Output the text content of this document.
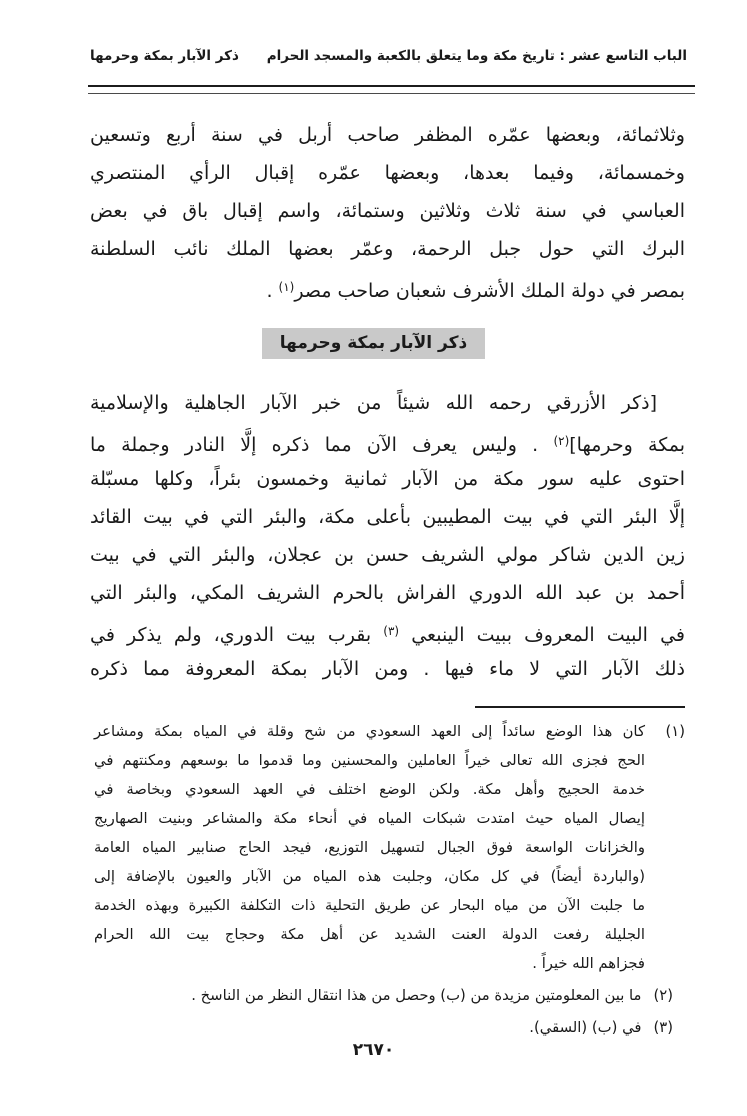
الباب التاسع عشر : تاريخ مكة وما يتعلق بالكعبة والمسجد الحرام
ذكر الآبار بمكة وحرمها
وثلاثمائة، وبعضها عمّره المظفر صاحب أربل في سنة أربع وتسعين
وخمسمائة، وفيما بعدها، وبعضها عمّره إقبال الرأي المنتصري
العباسي في سنة ثلاث وثلاثين وستمائة، واسم إقبال باق في بعض
البرك التي حول جبل الرحمة، وعمّر بعضها الملك نائب السلطنة
بمصر في دولة الملك الأشرف شعبان صاحب مصر$^{(١)}$ .
ذكر الآبار بمكة وحرمها
[ذكر الأزرقي رحمه الله شيئاً من خبر الآبار الجاهلية والإسلامية
بمكة وحرمها]$^{(٢)}$ . وليس يعرف الآن مما ذكره إلَّا النادر وجملة ما
احتوى عليه سور مكة من الآبار ثمانية وخمسون بئراً، وكلها مسبّلة
إلَّا البئر التي في بيت المطيبين بأعلى مكة، والبئر التي في بيت القائد
زين الدين شاكر مولي الشريف حسن بن عجلان، والبئر التي في بيت
أحمد بن عبد الله الدوري الفراش بالحرم الشريف المكي، والبئر التي
في البيت المعروف ببيت الينبعي $^{(٣)}$ بقرب بيت الدوري، ولم يذكر في
ذلك الآبار التي لا ماء فيها . ومن الآبار بمكة المعروفة مما ذكره
(١)
كان هذا الوضع سائداً إلى العهد السعودي من شح وقلة في المياه بمكة ومشاعر
الحج فجزى الله تعالى خيراً العاملين والمحسنين وما قدموا ما بوسعهم ومكنتهم في
خدمة الحجيج وأهل مكة. ولكن الوضع اختلف في العهد السعودي وبخاصة في
إيصال المياه حيث امتدت شبكات المياه في أنحاء مكة والمشاعر وبنيت الصهاريج
والخزانات الواسعة فوق الجبال لتسهيل التوزيع، فيجد الحاج صنابير المياه العامة
(والباردة أيضاً) في كل مكان، وجلبت هذه المياه من الآبار والعيون بالإضافة إلى
ما جلبت الآن من مياه البحار عن طريق التحلية ذات التكلفة الكبيرة وبهذه الخدمة
الجليلة رفعت الدولة العنت الشديد عن أهل مكة وحجاج بيت الله الحرام
فجزاهم الله خيراً .
(٢)ما بين المعلومتين مزيدة من (ب) وحصل من هذا انتقال النظر من الناسخ .
(٣)في (ب) (السقي).
٢٦٧٠
